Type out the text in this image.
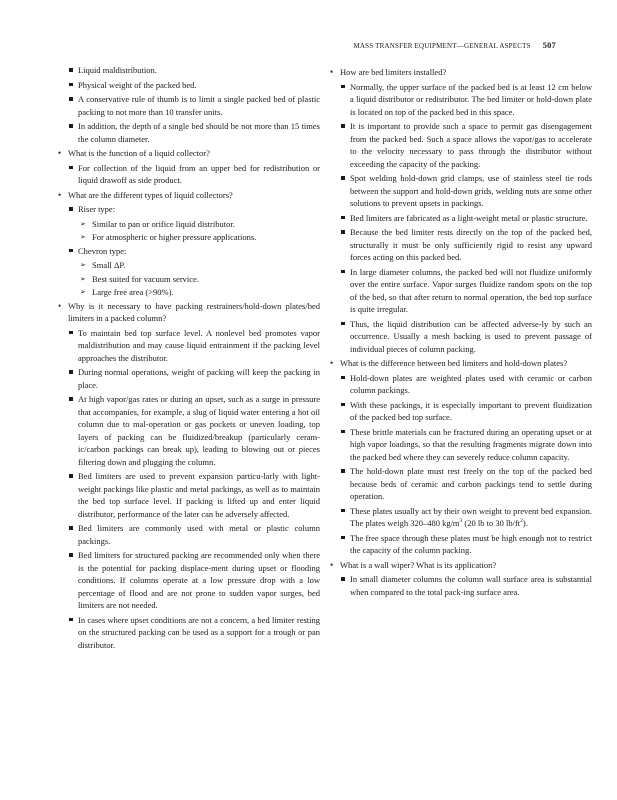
MASS TRANSFER EQUIPMENT—GENERAL ASPECTS 507
Liquid maldistribution.
Physical weight of the packed bed.
A conservative rule of thumb is to limit a single packed bed of plastic packing to not more than 10 transfer units.
In addition, the depth of a single bed should be not more than 15 times the column diameter.
• What is the function of a liquid collector?
For collection of the liquid from an upper bed for redistribution or liquid drawoff as side product.
• What are the different types of liquid collectors?
Riser type:
➢ Similar to pan or orifice liquid distributor.
➢ For atmospheric or higher pressure applications.
Chevron type:
➢ Small ΔP.
➢ Best suited for vacuum service.
➢ Large free area (>90%).
• Why is it necessary to have packing restrainers/hold-down plates/bed limiters in a packed column?
To maintain bed top surface level. A nonlevel bed promotes vapor maldistribution and may cause liquid entrainment if the packing level approaches the distributor.
During normal operations, weight of packing will keep the packing in place.
At high vapor/gas rates or during an upset, such as a surge in pressure that accompanies, for example, a slug of liquid water entering a hot oil column due to mal-operation or gas pockets or uneven loading, top layers of packing can be fluidized/breakup (particularly ceram-ic/carbon packings can break up), leading to blowing out or pieces filtering down and plugging the column.
Bed limiters are used to prevent expansion particu-larly with light-weight packings like plastic and metal packings, as well as to maintain the bed top surface level. If packing is lifted up and enter liquid distributor, performance of the later can be adversely affected.
Bed limiters are commonly used with metal or plastic column packings.
Bed limiters for structured packing are recommended only when there is the potential for packing displace-ment during upset or flooding conditions. If columns operate at a low pressure drop with a low percentage of flood and are not prone to sudden vapor surges, bed limiters are not needed.
In cases where upset conditions are not a concern, a bed limiter resting on the structured packing can be used as a support for a trough or pan distributor.
• How are bed limiters installed?
Normally, the upper surface of the packed bed is at least 12 cm below a liquid distributor or redistributor. The bed limiter or hold-down plate is located on top of the packed bed in this space.
It is important to provide such a space to permit gas disengagement from the packed bed. Such a space allows the vapor/gas to accelerate to the velocity necessary to pass through the distributor without exceeding the capacity of the packing.
Spot welding hold-down grid clamps, use of stainless steel tie rods between the support and hold-down grids, welding nuts are some other solutions to prevent upsets in packings.
Bed limiters are fabricated as a light-weight metal or plastic structure.
Because the bed limiter rests directly on the top of the packed bed, structurally it must be only sufficiently rigid to resist any upward forces acting on this packed bed.
In large diameter columns, the packed bed will not fluidize uniformly over the entire surface. Vapor surges fluidize random spots on the top of the bed, so that after return to normal operation, the bed top surface is quite irregular.
Thus, the liquid distribution can be affected adverse-ly by such an occurrence. Usually a mesh backing is used to prevent passage of individual pieces of column packing.
• What is the difference between bed limiters and hold-down plates?
Hold-down plates are weighted plates used with ceramic or carbon column packings.
With these packings, it is especially important to prevent fluidization of the packed bed top surface.
These brittle materials can be fractured during an operating upset or at high vapor loadings, so that the resulting fragments migrate down into the packed bed where they can severely reduce column capacity.
The hold-down plate must rest freely on the top of the packed bed because beds of ceramic and carbon packings tend to settle during operation.
These plates usually act by their own weight to prevent bed expansion. The plates weigh 320–480 $kg/m^3$ (20 lb to 30 $lb/ft^2$).
The free space through these plates must be high enough not to restrict the capacity of the column packing.
• What is a wall wiper? What is its application?
In small diameter columns the column wall surface area is substantial when compared to the total pack-ing surface area.
